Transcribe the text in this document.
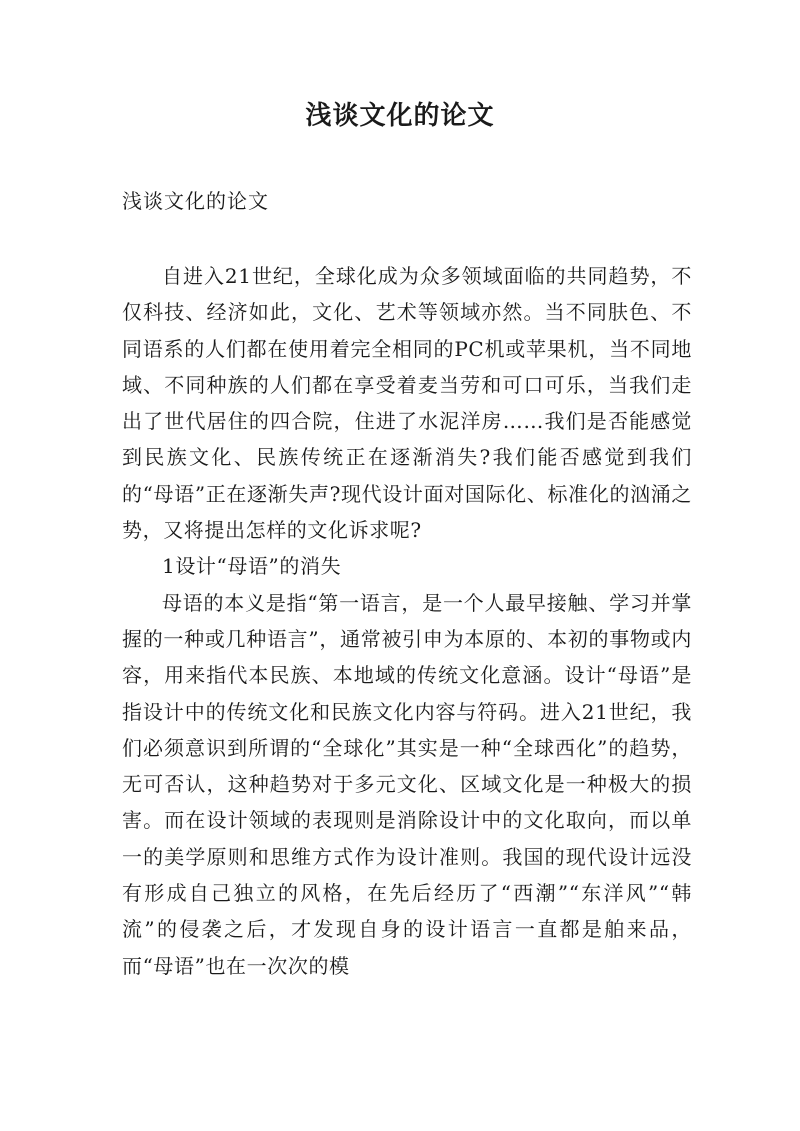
浅谈文化的论文
浅谈文化的论文

自进入21世纪，全球化成为众多领域面临的共同趋势，不仅科技、经济如此，文化、艺术等领域亦然。当不同肤色、不同语系的人们都在使用着完全相同的PC机或苹果机，当不同地域、不同种族的人们都在享受着麦当劳和可口可乐，当我们走出了世代居住的四合院，住进了水泥洋房……我们是否能感觉到民族文化、民族传统正在逐渐消失?我们能否感觉到我们的“母语”正在逐渐失声?现代设计面对国际化、标准化的汹涌之势，又将提出怎样的文化诉求呢?

1设计“母语”的消失

母语的本义是指“第一语言，是一个人最早接触、学习并掌握的一种或几种语言”，通常被引申为本原的、本初的事物或内容，用来指代本民族、本地域的传统文化意涵。设计“母语”是指设计中的传统文化和民族文化内容与符码。进入21世纪，我们必须意识到所谓的“全球化”其实是一种“全球西化”的趋势，无可否认，这种趋势对于多元文化、区域文化是一种极大的损害。而在设计领域的表现则是消除设计中的文化取向，而以单一的美学原则和思维方式作为设计准则。我国的现代设计远没有形成自己独立的风格，在先后经历了“西潮”“东洋风”“韩流”的侵袭之后，才发现自身的设计语言一直都是舶来品，而“母语”也在一次次的模
